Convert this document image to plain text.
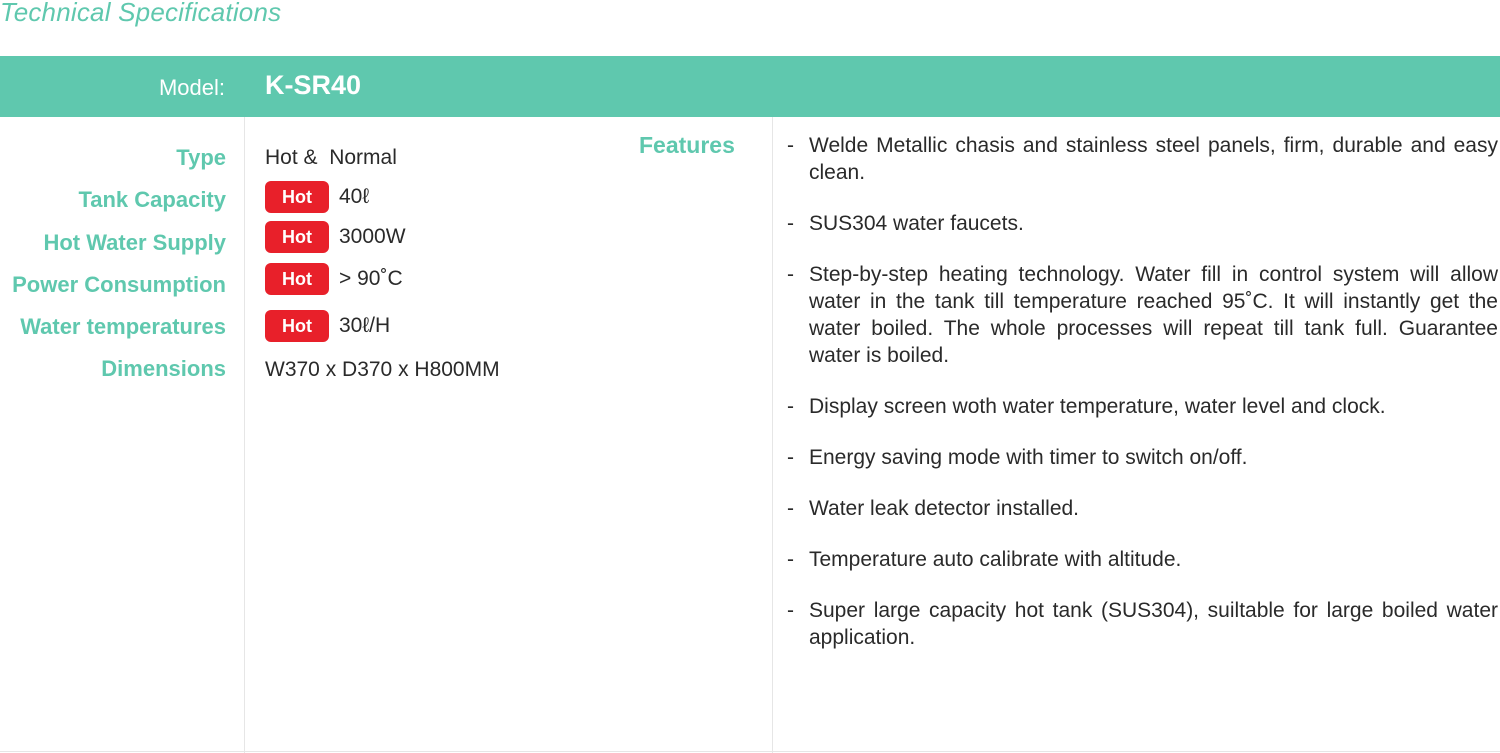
Technical Specifications
Model: K-SR40
Type Hot &  Normal
Tank Capacity	Hot	40ℓ
Hot Water Supply	Hot	3000W
Power Consumption	Hot	> 90˚C
Water temperatures	Hot	30ℓ/H
Dimensions W370 x D370 x H800MM
Features - Welde Metallic chasis and stainless steel panels, firm, durable and easy clean.
- SUS304 water faucets.
- Step-by-step heating technology. Water fill in control system will allow water in the tank till temperature reached 95˚C. It will instantly get the water boiled. The whole processes will repeat till tank full. Guarantee water is boiled.
- Display screen woth water temperature, water level and clock.
- Energy saving mode with timer to switch on/off.
- Water leak detector installed.
- Temperature auto calibrate with altitude.
- Super large capacity hot tank (SUS304), suiltable for large boiled water application.
